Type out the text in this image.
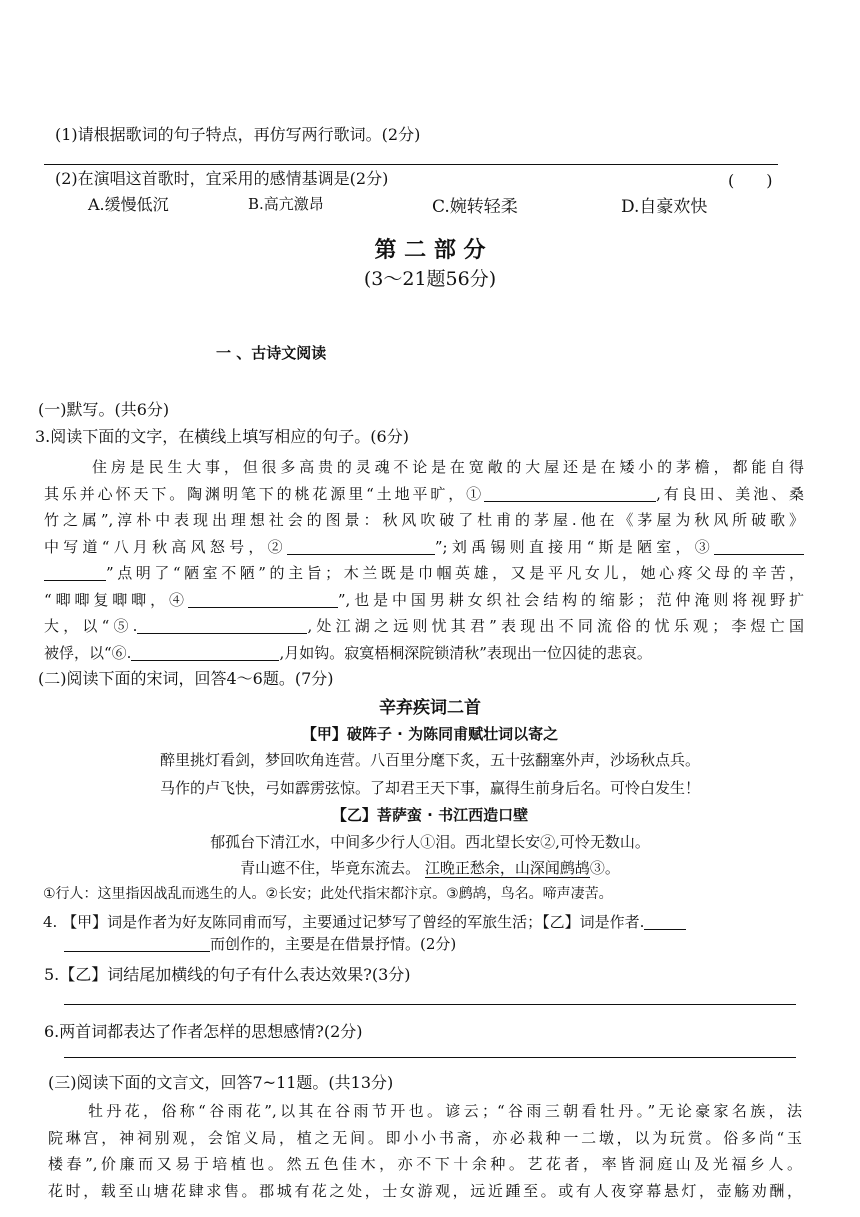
(1)请根据歌词的句子特点，再仿写两行歌词。(2分)
(2)在演唱这首歌时，宜采用的感情基调是(2分)	(　　)
A.缓慢低沉	B.高亢激昂	C.婉转轻柔	D.自豪欢快
第 二 部 分
(3～21题56分)
一 、古诗文阅读
(一)默写。(共6分)
3.阅读下面的文字，在横线上填写相应的句子。(6分)
住房是民生大事，但很多高贵的灵魂不论是在宽敞的大屋还是在矮小的茅檐，都能自得
其乐并心怀天下。陶渊明笔下的桃花源里“土地平旷，①	,有良田、美池、桑
竹之属”,淳朴中表现出理想社会的图景：秋风吹破了杜甫的茅屋.他在《茅屋为秋风所破歌》
中写道“八月秋高风怒号，②	”;刘禹锡则直接用“斯是陋室，③
”点明了“陋室不陋”的主旨；木兰既是巾帼英雄，又是平凡女儿，她心疼父母的辛苦，
“唧唧复唧唧，④	”,也是中国男耕女织社会结构的缩影；范仲淹则将视野扩
大，以“⑤.	,处江湖之远则忧其君”表现出不同流俗的忧乐观；李煜亡国
被俘，以“⑥.	,月如钩。寂寞梧桐深院锁清秋”表现出一位囚徒的悲哀。
(二)阅读下面的宋词，回答4～6题。(7分)
辛弃疾词二首
【甲】破阵子 · 为陈同甫赋壮词以寄之
醉里挑灯看剑，梦回吹角连营。八百里分麾下炙，五十弦翻塞外声，沙场秋点兵。
马作的卢飞快，弓如霹雳弦惊。了却君王天下事，赢得生前身后名。可怜白发生！
【乙】菩萨蛮 · 书江西造口壁
郁孤台下清江水，中间多少行人①泪。西北望长安②,可怜无数山。
青山遮不住，毕竟东流去。 江晚正愁余，山深闻鹧鸪③。
①行人：这里指因战乱而逃生的人。②长安；此处代指宋都汴京。③鹧鸪，鸟名。啼声凄苦。
4. 【甲】词是作者为好友陈同甫而写，主要通过记梦写了曾经的军旅生活；【乙】词是作者.
而创作的，主要是在借景抒情。(2分)
5.【乙】词结尾加横线的句子有什么表达效果?(3分)
6.两首词都表达了作者怎样的思想感情?(2分)
(三)阅读下面的文言文，回答7~11题。(共13分)
牡丹花，俗称“谷雨花”,以其在谷雨节开也。谚云；“谷雨三朝看牡丹。”无论豪家名族，法
院琳宫，神祠别观，会馆义局，植之无间。即小小书斋，亦必栽种一二墩，以为玩赏。俗多尚“玉
楼春”,价廉而又易于培植也。然五色佳木，亦不下十余种。艺花者，率皆洞庭山及光福乡人。
花时，载至山塘花肆求售。郡城有花之处，士女游观，远近踵至。或有人夜穿幕悬灯，壶觞劝酬，
